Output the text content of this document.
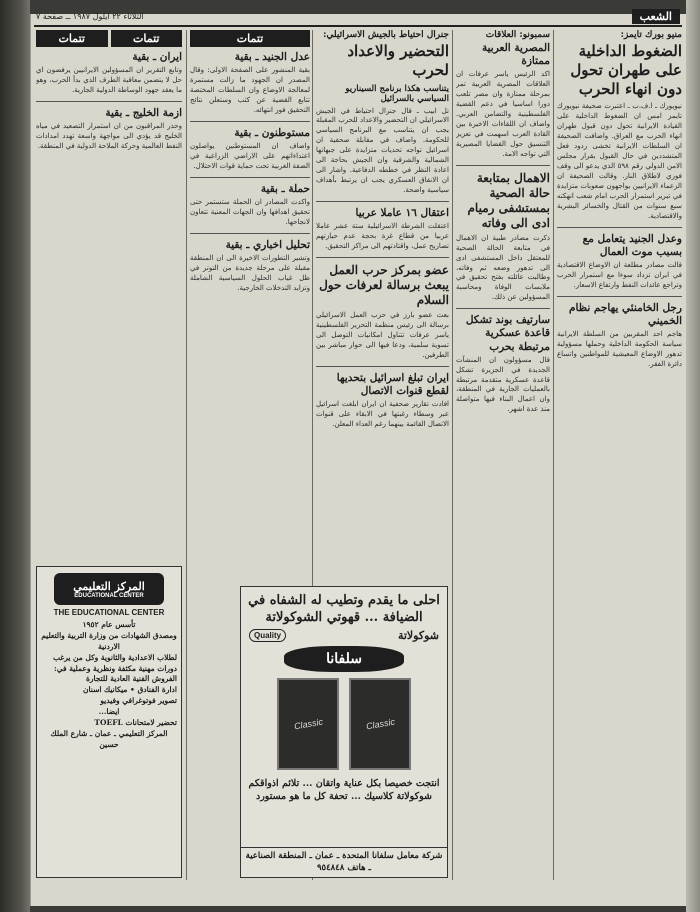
الشعب
الثلاثاء ٢٢ ايلول ١٩٨٧ ــ صفحة ٧
منيو بورك تايمز:
الضغوط الداخلية على طهران تحول دون انهاء الحرب
نيويورك ـ ا.ف.ب ـ اعتبرت صحيفة نيويورك تايمز امس ان الضغوط الداخلية على القيادة الايرانية تحول دون قبول طهران انهاء الحرب مع العراق. واضافت الصحيفة ان السلطات الايرانية تخشى ردود فعل المتشددين في حال القبول بقرار مجلس الامن الدولي رقم ٥٩٨ الذي يدعو الى وقف فوري لاطلاق النار. وقالت الصحيفة ان الزعماء الايرانيين يواجهون صعوبات متزايدة في تبرير استمرار الحرب امام شعب انهكته سبع سنوات من القتال والخسائر البشرية والاقتصادية.
وعدل الجنيد يتعامل مع بسبب موت العمال
قالت مصادر مطلعة ان الاوضاع الاقتصادية في ايران تزداد سوءا مع استمرار الحرب وتراجع عائدات النفط وارتفاع الاسعار.
رجل الخامنئي يهاجم نظام الخميني
هاجم احد المقربين من السلطة الايرانية سياسة الحكومة الداخلية وحملها مسؤولية تدهور الاوضاع المعيشية للمواطنين واتساع دائرة الفقر.
سمبونو: العلاقات
المصرية العربية ممتازة
اكد الرئيس ياسر عرفات ان العلاقات المصرية العربية تمر بمرحلة ممتازة وان مصر تلعب دورا اساسيا في دعم القضية الفلسطينية والتضامن العربي. واضاف ان اللقاءات الاخيرة بين القادة العرب اسهمت في تعزيز التنسيق حول القضايا المصيرية التي تواجه الامة.
الاهمال بمتابعة حالة الصحية بمستشفى رميام ادى الى وفاته
ذكرت مصادر طبية ان الاهمال في متابعة الحالة الصحية للمعتقل داخل المستشفى ادى الى تدهور وضعه ثم وفاته، وطالبت عائلته بفتح تحقيق في ملابسات الوفاة ومحاسبة المسؤولين عن ذلك.
سارتيف بوند تشكل قاعدة عسكرية مرتبطة بحرب
قال مسؤولون ان المنشآت الجديدة في الجزيرة تشكل قاعدة عسكرية متقدمة مرتبطة بالعمليات الجارية في المنطقة، وان اعمال البناء فيها متواصلة منذ عدة اشهر.
جنرال احتياط بالجيش الاسرائيلي:
التحضير والاعداد لحرب
يتناسب هكذا برنامج السيناريو السياسي بالسرائيل
تل ابيب ـ قال جنرال احتياط في الجيش الاسرائيلي ان التحضير والاعداد للحرب المقبلة يجب ان يتناسب مع البرنامج السياسي للحكومة. واضاف في مقابلة صحفية ان اسرائيل تواجه تحديات متزايدة على جبهاتها الشمالية والشرقية وان الجيش بحاجة الى اعادة النظر في خططه الدفاعية. واشار الى ان الانفاق العسكري يجب ان يرتبط بأهداف سياسية واضحة.
اعتقال ١٦ عاملا عربيا
اعتقلت الشرطة الاسرائيلية ستة عشر عاملا عربيا من قطاع غزة بحجة عدم حيازتهم تصاريح عمل، واقتادتهم الى مراكز التحقيق.
عضو بمركز حرب العمل يبعث برسالة لعرفات حول السلام
بعث عضو بارز في حزب العمل الاسرائيلي برسالة الى رئيس منظمة التحرير الفلسطينية ياسر عرفات تتناول امكانيات التوصل الى تسوية سلمية، ودعا فيها الى حوار مباشر بين الطرفين.
ايران تبلغ اسرائيل بتحديها لقطع قنوات الاتصال
افادت تقارير صحفية ان ايران ابلغت اسرائيل عبر وسطاء رغبتها في الابقاء على قنوات الاتصال القائمة بينهما رغم العداء المعلن.
تتمات
عدل الجنيد ـ بقية
بقية المنشور على الصفحة الاولى: وقال المصدر ان الجهود ما زالت مستمرة لمعالجة الاوضاع وان السلطات المختصة تتابع القضية عن كثب وستعلن نتائج التحقيق فور انتهائه.
مستوطنون ـ بقية
واضاف ان المستوطنين يواصلون اعتداءاتهم على الاراضي الزراعية في الضفة الغربية تحت حماية قوات الاحتلال.
حملة ـ بقية
واكدت المصادر ان الحملة ستستمر حتى تحقيق اهدافها وان الجهات المعنية تتعاون لانجاحها.
تحليل اخباري ـ بقية
وتشير التطورات الاخيرة الى ان المنطقة مقبلة على مرحلة جديدة من التوتر في ظل غياب الحلول السياسية الشاملة وتزايد التدخلات الخارجية.
تتمات
تتمات
ايران ـ بقية
وتابع التقرير ان المسؤولين الايرانيين يرفضون اي حل لا يتضمن معاقبة الطرف الذي بدأ الحرب، وهو ما يعقد جهود الوساطة الدولية الجارية.
ازمة الخليج ـ بقية
وحذر المراقبون من ان استمرار التصعيد في مياه الخليج قد يؤدي الى مواجهة واسعة تهدد امدادات النفط العالمية وحركة الملاحة الدولية في المنطقة.
المركز التعليمي
EDUCATIONAL CENTER
THE EDUCATIONAL CENTER
تأسس عام ١٩٥٢
ومصدق الشهادات من وزارة التربية والتعليم الاردنية
لطلاب الاعدادية والثانوية وكل من يرغب
دورات مهنية مكثفة ونظرية وعملية في:
الفروش الفنية العادية للتجارة
ادارة الفنادق • ميكانيك اسنان
تصوير فوتوغرافي وفيديو
ايضا...
تحضير لامتحانات TOEFL
المركز التعليمي ـ عمان ـ شارع الملك حسين
احلى ما يقدم وتطيب له الشفاه في الضيافة ... قهوتي الشوكولاتة
شوكولاتة
Quality
سلفانا
Classic
Classic
انتجت خصيصا بكل عناية واتقان ... تلائم اذواقكم شوكولاتة كلاسيك ... تحفة كل ما هو مستورد
شركة معامل سلفانا المتحدة ـ عمان ـ المنطقة الصناعية ـ هاتف ٩٥٤٨٤٨
